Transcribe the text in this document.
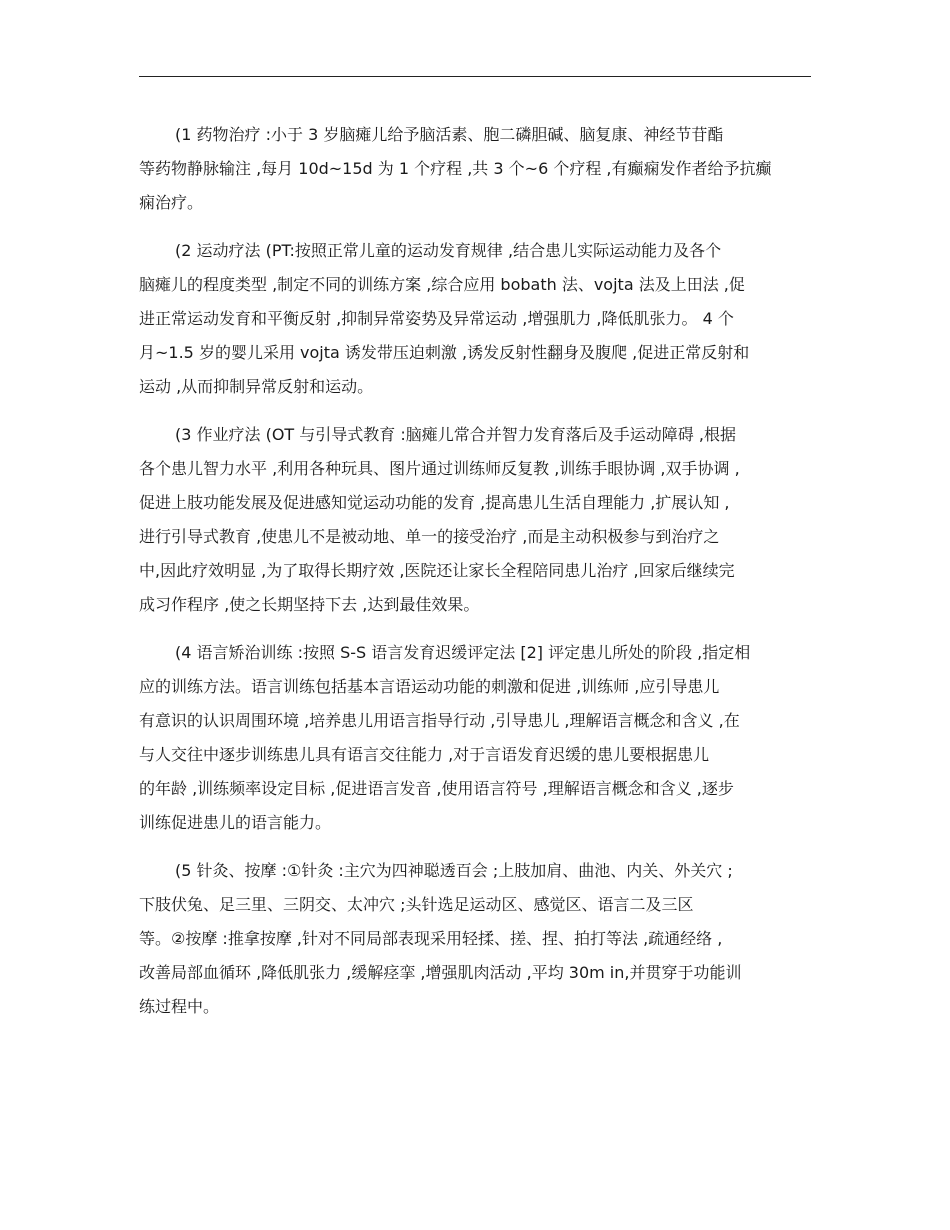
(1 药物治疗 :小于 3 岁脑瘫儿给予脑活素、胞二磷胆碱、脑复康、神经节苷酯
等药物静脉输注 ,每月 10d~15d 为 1 个疗程 ,共 3 个~6 个疗程 ,有癫痫发作者给予抗癫
痫治疗。
(2 运动疗法 (PT:按照正常儿童的运动发育规律 ,结合患儿实际运动能力及各个
脑瘫儿的程度类型 ,制定不同的训练方案 ,综合应用 bobath 法、vojta 法及上田法 ,促
进正常运动发育和平衡反射 ,抑制异常姿势及异常运动 ,增强肌力 ,降低肌张力。 4 个
月~1.5 岁的婴儿采用 vojta 诱发带压迫刺激 ,诱发反射性翻身及腹爬 ,促进正常反射和
运动 ,从而抑制异常反射和运动。
(3 作业疗法 (OT 与引导式教育 :脑瘫儿常合并智力发育落后及手运动障碍 ,根据
各个患儿智力水平 ,利用各种玩具、图片通过训练师反复教 ,训练手眼协调 ,双手协调 ,
促进上肢功能发展及促进感知觉运动功能的发育 ,提高患儿生活自理能力 ,扩展认知 ,
进行引导式教育 ,使患儿不是被动地、单一的接受治疗 ,而是主动积极参与到治疗之
中,因此疗效明显 ,为了取得长期疗效 ,医院还让家长全程陪同患儿治疗 ,回家后继续完
成习作程序 ,使之长期坚持下去 ,达到最佳效果。
(4 语言矫治训练 :按照 S-S 语言发育迟缓评定法 [2] 评定患儿所处的阶段 ,指定相
应的训练方法。语言训练包括基本言语运动功能的刺激和促进 ,训练师 ,应引导患儿
有意识的认识周围环境 ,培养患儿用语言指导行动 ,引导患儿 ,理解语言概念和含义 ,在
与人交往中逐步训练患儿具有语言交往能力 ,对于言语发育迟缓的患儿要根据患儿
的年龄 ,训练频率设定目标 ,促进语言发音 ,使用语言符号 ,理解语言概念和含义 ,逐步
训练促进患儿的语言能力。
(5 针灸、按摩 :①针灸 :主穴为四神聪透百会 ;上肢加肩、曲池、内关、外关穴 ;
下肢伏兔、足三里、三阴交、太冲穴 ;头针选足运动区、感觉区、语言二及三区
等。②按摩 :推拿按摩 ,针对不同局部表现采用轻揉、搓、捏、拍打等法 ,疏通经络 ,
改善局部血循环 ,降低肌张力 ,缓解痉挛 ,增强肌肉活动 ,平均 30m in,并贯穿于功能训
练过程中。
